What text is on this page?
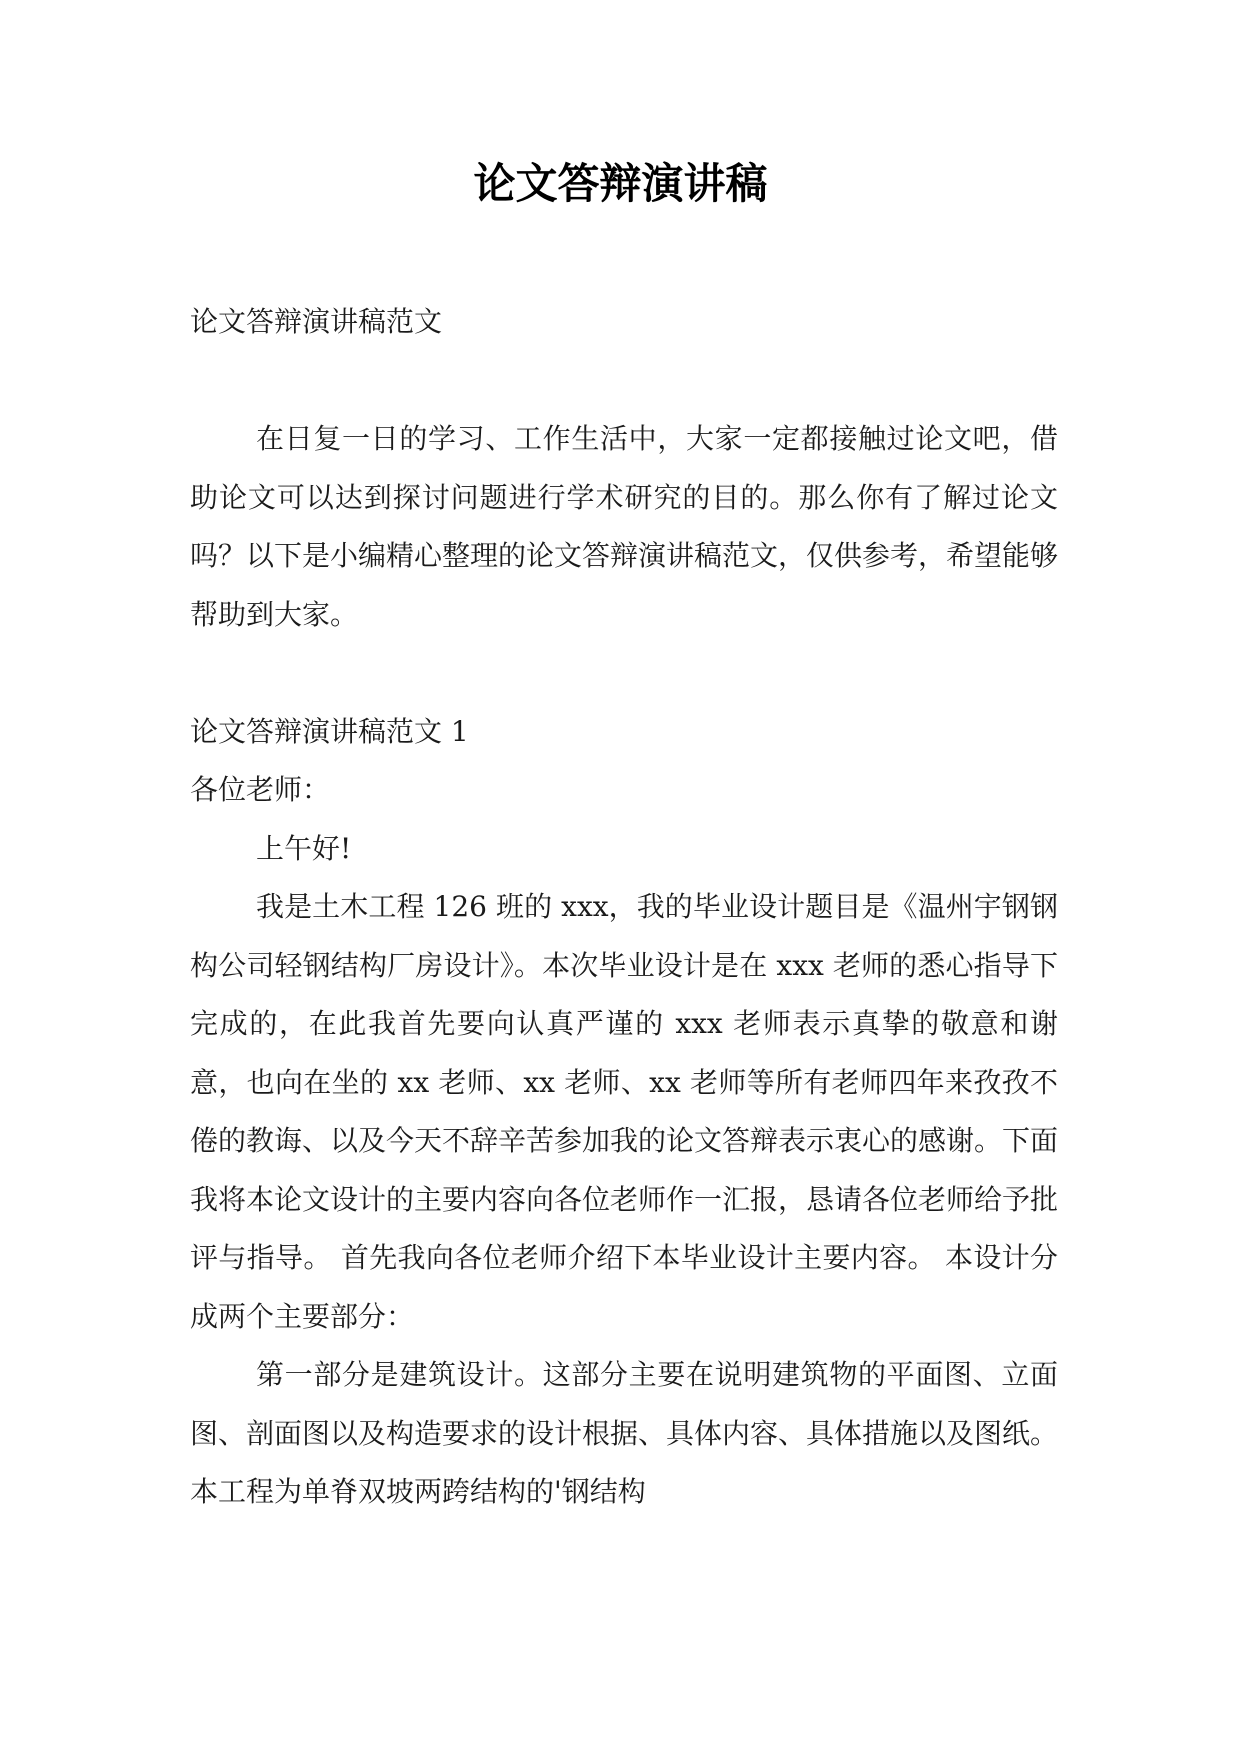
论文答辩演讲稿

论文答辩演讲稿范文

在日复一日的学习、工作生活中，大家一定都接触过论文吧，借助论文可以达到探讨问题进行学术研究的目的。那么你有了解过论文吗？以下是小编精心整理的论文答辩演讲稿范文，仅供参考，希望能够帮助到大家。

论文答辩演讲稿范文 1

各位老师：

上午好!

我是土木工程 126 班的 xxx，我的毕业设计题目是《温州宇钢钢构公司轻钢结构厂房设计》。本次毕业设计是在 xxx 老师的悉心指导下完成的，在此我首先要向认真严谨的 xxx 老师表示真挚的敬意和谢意，也向在坐的 xx 老师、xx 老师、xx 老师等所有老师四年来孜孜不倦的教诲、以及今天不辞辛苦参加我的论文答辩表示衷心的感谢。下面我将本论文设计的主要内容向各位老师作一汇报，恳请各位老师给予批评与指导。 首先我向各位老师介绍下本毕业设计主要内容。 本设计分成两个主要部分：

第一部分是建筑设计。这部分主要在说明建筑物的平面图、立面图、剖面图以及构造要求的设计根据、具体内容、具体措施以及图纸。本工程为单脊双坡两跨结构的'钢结构
